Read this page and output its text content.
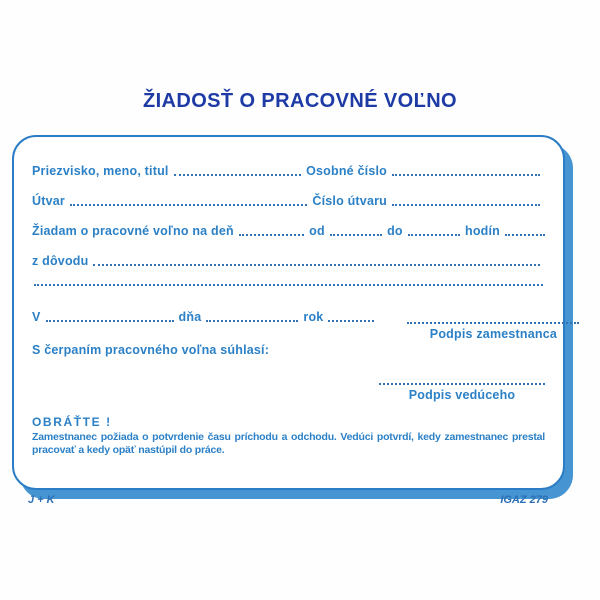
ŽIADOSŤ O PRACOVNÉ VOĽNO
Priezvisko, meno, titul	Osobné číslo
Útvar	Číslo útvaru
Žiadam o pracovné voľno na deň	od	do	hodín
z dôvodu
V	dňa	rok
S čerpaním pracovného voľna súhlasí:
Podpis zamestnanca
Podpis vedúceho
OBRÁŤTE !
Zamestnanec požiada o potvrdenie času príchodu a odchodu. Vedúci potvrdí, kedy zamestnanec prestal pracovať a kedy opäť nastúpil do práce.
J + K	IGAZ 279
